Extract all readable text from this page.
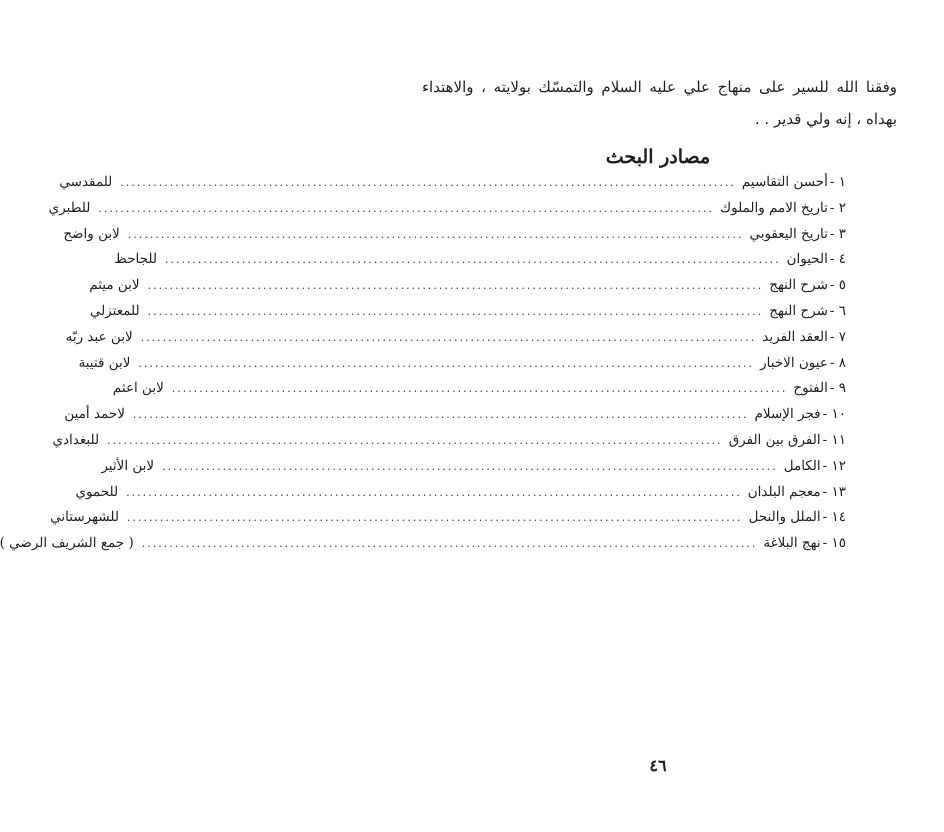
وفقنا الله للسير على منهاج علي عليه السلام والتمسّك بولايته ، والاهتداء بهداه ، إنه ولي قدير . .

مصادر البحث
١ -
أحسن التقاسيم
................................................................................................................
للمقدسي
٢ -
تاريخ الامم والملوك
................................................................................................................
للطبري
٣ -
تاريخ اليعقوبي
................................................................................................................
لابن واضح
٤ -
الحيوان
................................................................................................................
للجاحظ
٥ -
شرح النهج
................................................................................................................
لابن ميثم
٦ -
شرح النهج
................................................................................................................
للمعتزلي
٧ -
العقد الفريد
................................................................................................................
لابن عبد ربّه
٨ -
عيون الاخبار
................................................................................................................
لابن قتيبة
٩ -
الفتوح
................................................................................................................
لابن اعثم
١٠ -
فجر الإسلام
................................................................................................................
لاحمد أمين
١١ -
الفرق بين الفرق
................................................................................................................
للبغدادي
١٢ -
الكامل
................................................................................................................
لابن الأثير
١٣ -
معجم البلدان
................................................................................................................
للحموي
١٤ -
الملل والنحل
................................................................................................................
للشهرستاني
١٥ -
نهج البلاغة
................................................................................................................
( جمع الشريف الرضي )
٤٦
